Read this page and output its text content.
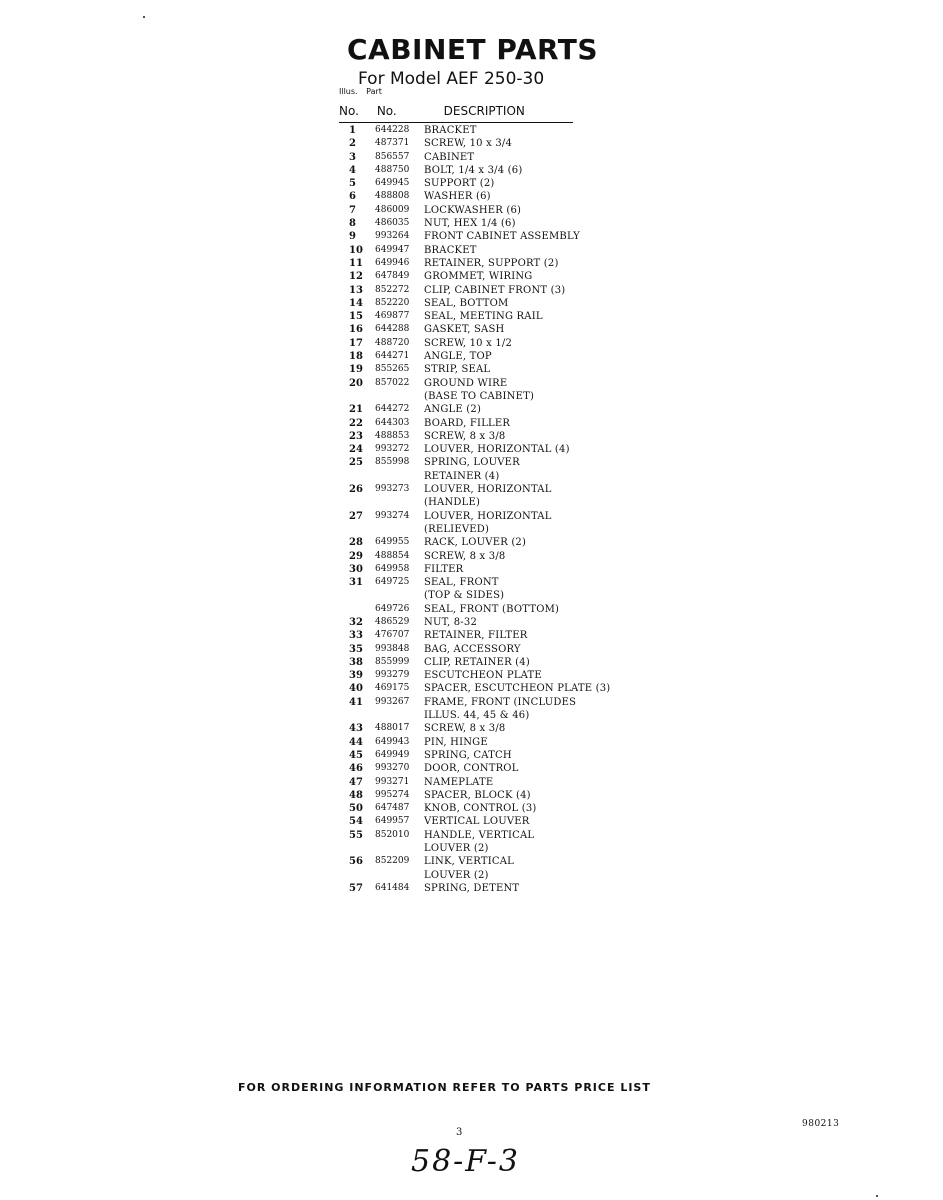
CABINET PARTS
For Model AEF 250-30
Illus. Part
No. No.	DESCRIPTION
1	644228	BRACKET
2	487371	SCREW, 10 x 3/4
3	856557	CABINET
4	488750	BOLT, 1/4 x 3/4 (6)
5	649945	SUPPORT (2)
6	488808	WASHER (6)
7	486009	LOCKWASHER (6)
8	486035	NUT, HEX 1/4 (6)
9	993264	FRONT CABINET ASSEMBLY
10	649947	BRACKET
11	649946	RETAINER, SUPPORT (2)
12	647849	GROMMET, WIRING
13	852272	CLIP, CABINET FRONT (3)
14	852220	SEAL, BOTTOM
15	469877	SEAL, MEETING RAIL
16	644288	GASKET, SASH
17	488720	SCREW, 10 x 1/2
18	644271	ANGLE, TOP
19	855265	STRIP, SEAL
20	857022	GROUND WIRE
(BASE TO CABINET)
21	644272	ANGLE (2)
22	644303	BOARD, FILLER
23	488853	SCREW, 8 x 3/8
24	993272	LOUVER, HORIZONTAL (4)
25	855998	SPRING, LOUVER
RETAINER (4)
26	993273	LOUVER, HORIZONTAL
(HANDLE)
27	993274	LOUVER, HORIZONTAL
(RELIEVED)
28	649955	RACK, LOUVER (2)
29	488854	SCREW, 8 x 3/8
30	649958	FILTER
31	649725	SEAL, FRONT
(TOP & SIDES)
649726	SEAL, FRONT (BOTTOM)
32	486529	NUT, 8-32
33	476707	RETAINER, FILTER
35	993848	BAG, ACCESSORY
38	855999	CLIP, RETAINER (4)
39	993279	ESCUTCHEON PLATE
40	469175	SPACER, ESCUTCHEON PLATE (3)
41	993267	FRAME, FRONT (INCLUDES
ILLUS. 44, 45 & 46)
43	488017	SCREW, 8 x 3/8
44	649943	PIN, HINGE
45	649949	SPRING, CATCH
46	993270	DOOR, CONTROL
47	993271	NAMEPLATE
48	995274	SPACER, BLOCK (4)
50	647487	KNOB, CONTROL (3)
54	649957	VERTICAL LOUVER
55	852010	HANDLE, VERTICAL
LOUVER (2)
56	852209	LINK, VERTICAL
LOUVER (2)
57	641484	SPRING, DETENT
FOR ORDERING INFORMATION REFER TO PARTS PRICE LIST
3
980213
58-F-3
